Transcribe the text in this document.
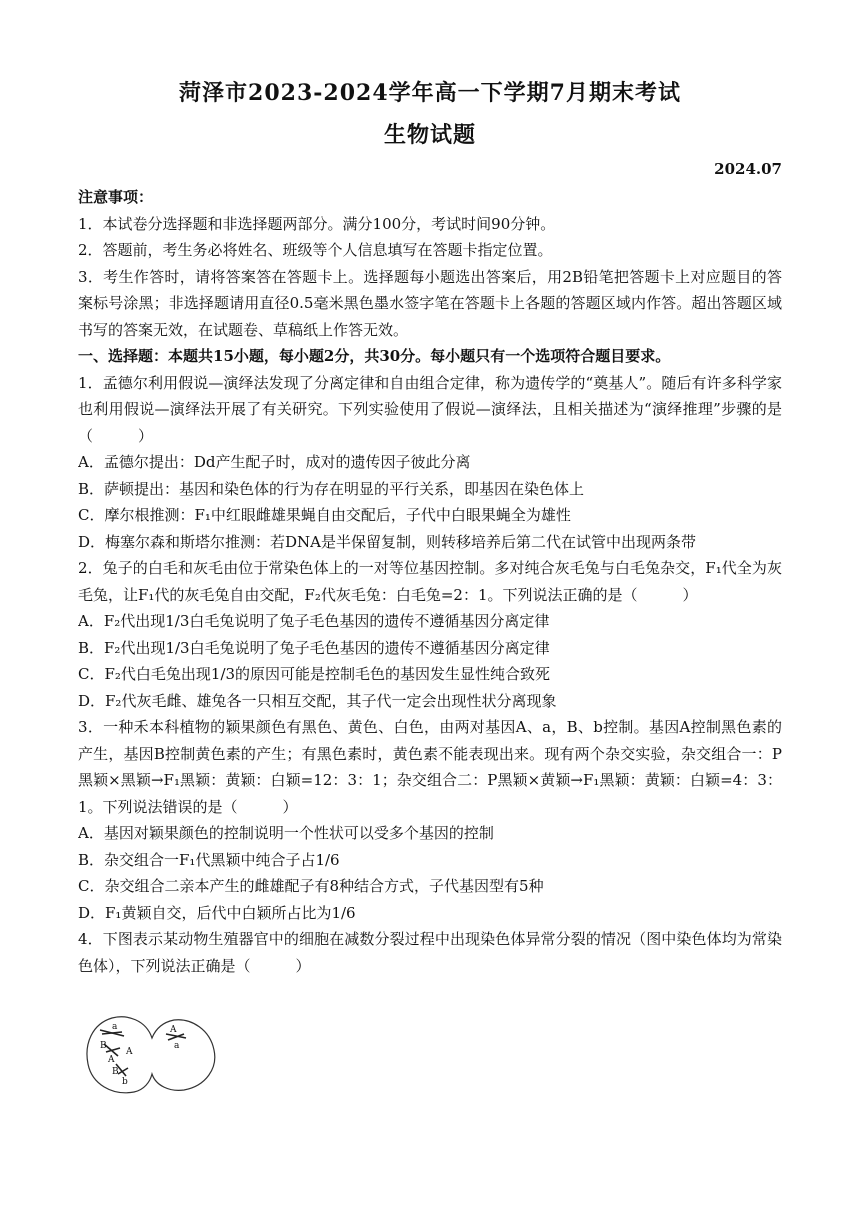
菏泽市2023-2024学年高一下学期7月期末考试
生物试题
2024.07
注意事项：
1．本试卷分选择题和非选择题两部分。满分100分，考试时间90分钟。
2．答题前，考生务必将姓名、班级等个人信息填写在答题卡指定位置。
3．考生作答时，请将答案答在答题卡上。选择题每小题选出答案后，用2B铅笔把答题卡上对应题目的答案标号涂黑；非选择题请用直径0.5毫米黑色墨水签字笔在答题卡上各题的答题区域内作答。超出答题区域书写的答案无效，在试题卷、草稿纸上作答无效。
一、选择题：本题共15小题，每小题2分，共30分。每小题只有一个选项符合题目要求。
1．孟德尔利用假说—演绎法发现了分离定律和自由组合定律，称为遗传学的“奠基人”。随后有许多科学家也利用假说—演绎法开展了有关研究。下列实验使用了假说—演绎法，且相关描述为“演绎推理”步骤的是（　　　）
A．孟德尔提出：Dd产生配子时，成对的遗传因子彼此分离
B．萨顿提出：基因和染色体的行为存在明显的平行关系，即基因在染色体上
C．摩尔根推测：F₁中红眼雌雄果蝇自由交配后，子代中白眼果蝇全为雄性
D．梅塞尔森和斯塔尔推测：若DNA是半保留复制，则转移培养后第二代在试管中出现两条带
2．兔子的白毛和灰毛由位于常染色体上的一对等位基因控制。多对纯合灰毛兔与白毛兔杂交，F₁代全为灰毛兔，让F₁代的灰毛兔自由交配，F₂代灰毛兔：白毛兔=2：1。下列说法正确的是（　　　）
A．F₂代出现1/3白毛兔说明了兔子毛色基因的遗传不遵循基因分离定律
B．F₂代出现1/3白毛兔说明了兔子毛色基因的遗传不遵循基因分离定律
C．F₂代白毛兔出现1/3的原因可能是控制毛色的基因发生显性纯合致死
D．F₂代灰毛雌、雄兔各一只相互交配，其子代一定会出现性状分离现象
3．一种禾本科植物的颖果颜色有黑色、黄色、白色，由两对基因A、a，B、b控制。基因A控制黑色素的产生，基因B控制黄色素的产生；有黑色素时，黄色素不能表现出来。现有两个杂交实验，杂交组合一：P黑颖×黑颖→F₁黑颖：黄颖：白颖=12：3：1；杂交组合二：P黑颖×黄颖→F₁黑颖：黄颖：白颖=4：3：1。下列说法错误的是（　　　）
A．基因对颖果颜色的控制说明一个性状可以受多个基因的控制
B．杂交组合一F₁代黑颖中纯合子占1/6
C．杂交组合二亲本产生的雌雄配子有8种结合方式，子代基因型有5种
D．F₁黄颖自交，后代中白颖所占比为1/6
4．下图表示某动物生殖器官中的细胞在减数分裂过程中出现染色体异常分裂的情况（图中染色体均为常染色体），下列说法正确是（　　　）
a
A
B
A
B
b
A
a
